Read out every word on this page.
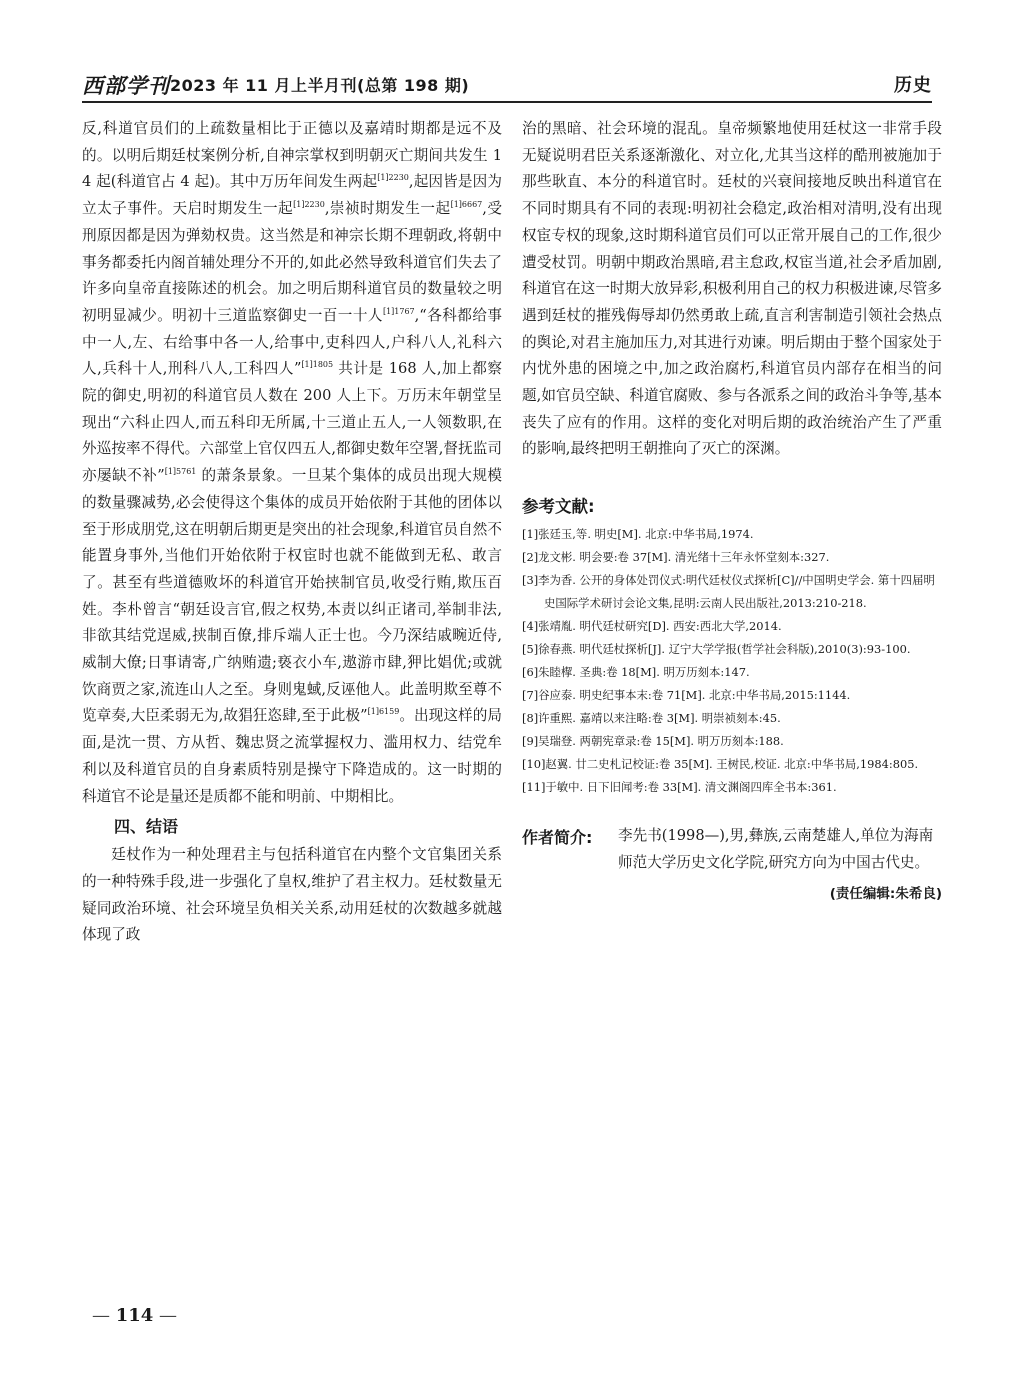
西部学刊 2023 年 11 月上半月刊(总第 198 期)	历史

反,科道官员们的上疏数量相比于正德以及嘉靖时期都是远不及的。以明后期廷杖案例分析,自神宗掌权到明朝灭亡期间共发生 14 起(科道官占 4 起)。其中万历年间发生两起$^{[1]2230}$,起因皆是因为立太子事件。天启时期发生一起$^{[1]2230}$,崇祯时期发生一起$^{[1]6667}$,受刑原因都是因为弹劾权贵。这当然是和神宗长期不理朝政,将朝中事务都委托内阁首辅处理分不开的,如此必然导致科道官们失去了许多向皇帝直接陈述的机会。加之明后期科道官员的数量较之明初明显减少。明初十三道监察御史一百一十人$^{[1]1767}$,“各科都给事中一人,左、右给事中各一人,给事中,吏科四人,户科八人,礼科六人,兵科十人,刑科八人,工科四人”$^{[1]1805}$ 共计是 168 人,加上都察院的御史,明初的科道官员人数在 200 人上下。万历末年朝堂呈现出“六科止四人,而五科印无所属,十三道止五人,一人领数职,在外巡按率不得代。六部堂上官仅四五人,都御史数年空署,督抚监司亦屡缺不补”$^{[1]5761}$ 的萧条景象。一旦某个集体的成员出现大规模的数量骤减势,必会使得这个集体的成员开始依附于其他的团体以至于形成朋党,这在明朝后期更是突出的社会现象,科道官员自然不能置身事外,当他们开始依附于权宦时也就不能做到无私、敢言了。甚至有些道德败坏的科道官开始挟制官员,收受行贿,欺压百姓。李朴曾言“朝廷设言官,假之权势,本责以纠正诸司,举制非法,非欲其结党逞威,挟制百僚,排斥端人正士也。今乃深结戚畹近侍,威制大僚;日事请寄,广纳贿遗;亵衣小车,遨游市肆,狎比娼优;或就饮商贾之家,流连山人之至。身则鬼蜮,反诬他人。此盖明欺至尊不览章奏,大臣柔弱无为,故猖狂恣肆,至于此极”$^{[1]6159}$。出现这样的局面,是沈一贯、方从哲、魏忠贤之流掌握权力、滥用权力、结党牟利以及科道官员的自身素质特别是操守下降造成的。这一时期的科道官不论是量还是质都不能和明前、中期相比。

四、结语

廷杖作为一种处理君主与包括科道官在内整个文官集团关系的一种特殊手段,进一步强化了皇权,维护了君主权力。廷杖数量无疑同政治环境、社会环境呈负相关关系,动用廷杖的次数越多就越体现了政

治的黑暗、社会环境的混乱。皇帝频繁地使用廷杖这一非常手段无疑说明君臣关系逐渐激化、对立化,尤其当这样的酷刑被施加于那些耿直、本分的科道官时。廷杖的兴衰间接地反映出科道官在不同时期具有不同的表现:明初社会稳定,政治相对清明,没有出现权宦专权的现象,这时期科道官员们可以正常开展自己的工作,很少遭受杖罚。明朝中期政治黑暗,君主怠政,权宦当道,社会矛盾加剧,科道官在这一时期大放异彩,积极利用自己的权力积极进谏,尽管多遇到廷杖的摧残侮辱却仍然勇敢上疏,直言利害制造引领社会热点的舆论,对君主施加压力,对其进行劝谏。明后期由于整个国家处于内忧外患的困境之中,加之政治腐朽,科道官员内部存在相当的问题,如官员空缺、科道官腐败、参与各派系之间的政治斗争等,基本丧失了应有的作用。这样的变化对明后期的政治统治产生了严重的影响,最终把明王朝推向了灭亡的深渊。

参考文献:

[1]张廷玉,等. 明史[M]. 北京:中华书局,1974.

[2]龙文彬. 明会要:卷 37[M]. 清光绪十三年永怀堂刻本:327.

[3]李为香. 公开的身体处罚仪式:明代廷杖仪式探析[C]//中国明史学会. 第十四届明史国际学术研讨会论文集,昆明:云南人民出版社,2013:210-218.

[4]张靖胤. 明代廷杖研究[D]. 西安:西北大学,2014.

[5]徐春燕. 明代廷杖探析[J]. 辽宁大学学报(哲学社会科版),2010(3):93-100.

[6]朱睦㮮. 圣典:卷 18[M]. 明万历刻本:147.

[7]谷应泰. 明史纪事本末:卷 71[M]. 北京:中华书局,2015:1144.

[8]许重熙. 嘉靖以来注略:卷 3[M]. 明崇祯刻本:45.

[9]吴瑞登. 两朝宪章录:卷 15[M]. 明万历刻本:188.

[10]赵翼. 廿二史札记校证:卷 35[M]. 王树民,校证. 北京:中华书局,1984:805.

[11]于敏中. 日下旧闻考:卷 33[M]. 清文渊阁四库全书本:361.

作者简介: 李先书(1998—),男,彝族,云南楚雄人,单位为海南师范大学历史文化学院,研究方向为中国古代史。
(责任编辑:朱希良)
— 114 —
